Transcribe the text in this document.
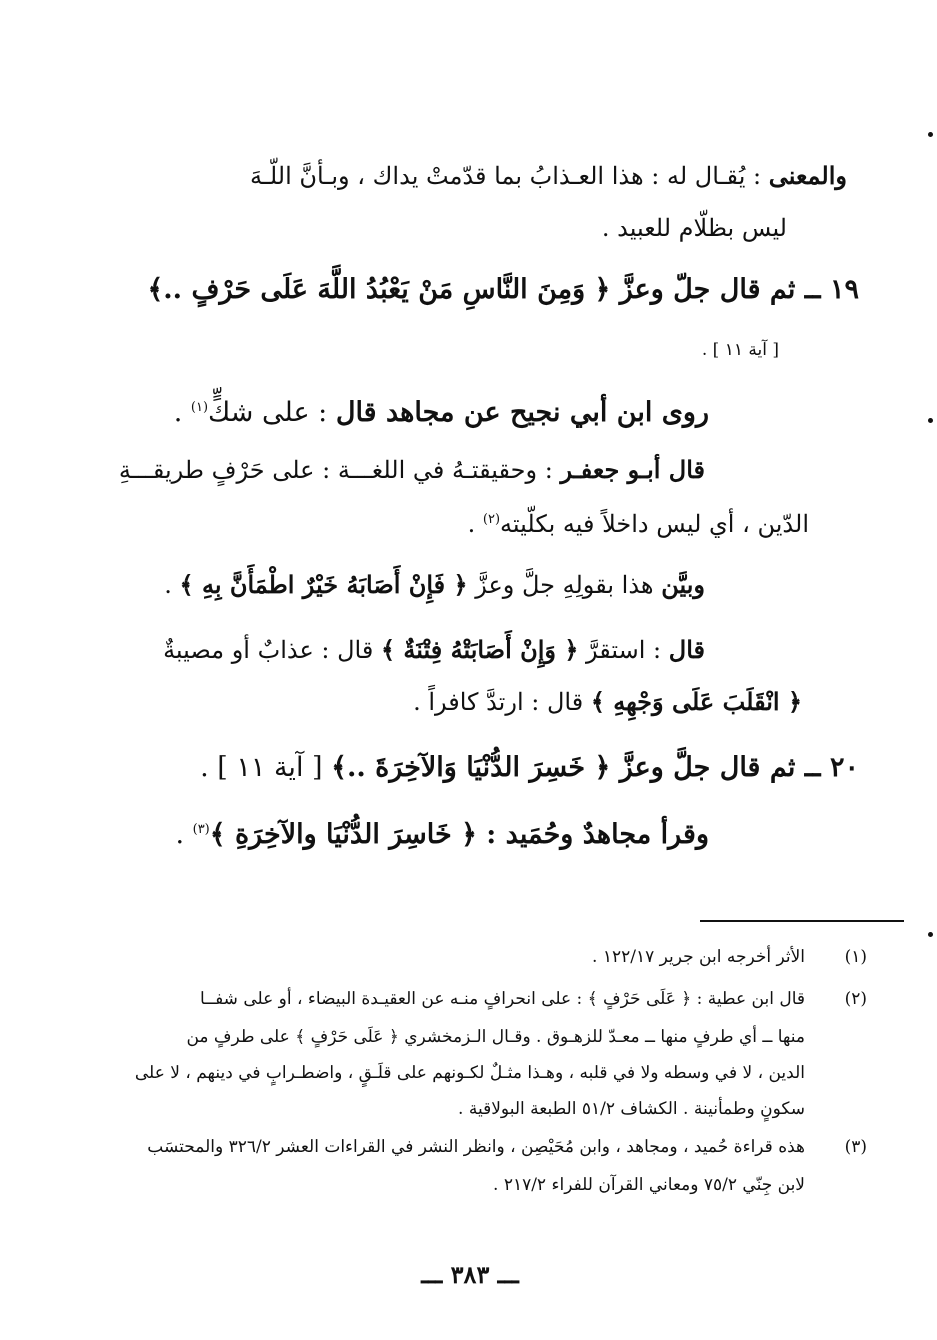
والمعنى : يُقـال له : هذا العـذابُ بما قدّمتْ يداك ، وبـأنَّ اللّـهَ
ليس بظلّام للعبيد .
١٩ ــ ثم قال جلّ وعزَّ ﴿ وَمِنَ النَّاسِ مَنْ يَعْبُدُ اللَّهَ عَلَى حَرْفٍ ..﴾
[ آية ١١ ] .
روى ابن أبي نجيح عن مجاهد قال : على شكٍّ$^{(١)}$ .
قال أبـو جعفـر : وحقيقتـهُ في اللغـــة : على حَرْفٍ طريقـــةِ
الدّين ، أي ليس داخلاً فيه بكلّيته$^{(٢)}$ .
وبيَّن هذا بقولِهِ جلَّ وعزَّ ﴿ فَإِنْ أَصَابَهُ خَيْرٌ اطْمَأَنَّ بِهِ ﴾ .
قال : استقرَّ ﴿ وَإِنْ أَصَابَتْهُ فِتْنَةٌ ﴾ قال : عذابٌ أو مصيبةٌ
﴿ انْقَلَبَ عَلَى وَجْهِهِ ﴾ قال : ارتدَّ كافراً .
٢٠ ــ ثم قال جلَّ وعزَّ ﴿ خَسِرَ الدُّنْيَا وَالآخِرَةَ ..﴾ [ آية ١١ ] .
وقرأ مجاهدٌ وحُمَيد : ﴿ خَاسِرَ الدُّنْيَا والآخِرَةِ ﴾$^{(٣)}$ .
(١)
الأثر أخرجه ابن جرير ١٢٢/١٧ .
(٢)
قال ابن عطية : ﴿ عَلَى حَرْفٍ ﴾ : على انحرافٍ منـه عن العقيـدة البيضاء ، أو على شفــا
منها ــ أي طرفٍ منها ــ معـدّ للزهـوق . وقـال الـزمخشري ﴿ عَلَى حَرْفٍ ﴾ على طرفٍ من
الدين ، لا في وسطه ولا في قلبه ، وهـذا مثـلٌ لكـونهم على قلَـقٍ ، واضطـرابٍ في دينهم ، لا على
سكونٍ وطمأنينة . الكشاف ٥١/٢ الطبعة البولاقية .
(٣)
هذه قراءة حُميد ، ومجاهد ، وابن مُحَيْصِن ، وانظر النشر في القراءات العشر ٣٢٦/٢ والمحتسَب
لابن جِنّي ٧٥/٢ ومعاني القرآن للفراء ٢١٧/٢ .
ـــ ٣٨٣ ـــ
